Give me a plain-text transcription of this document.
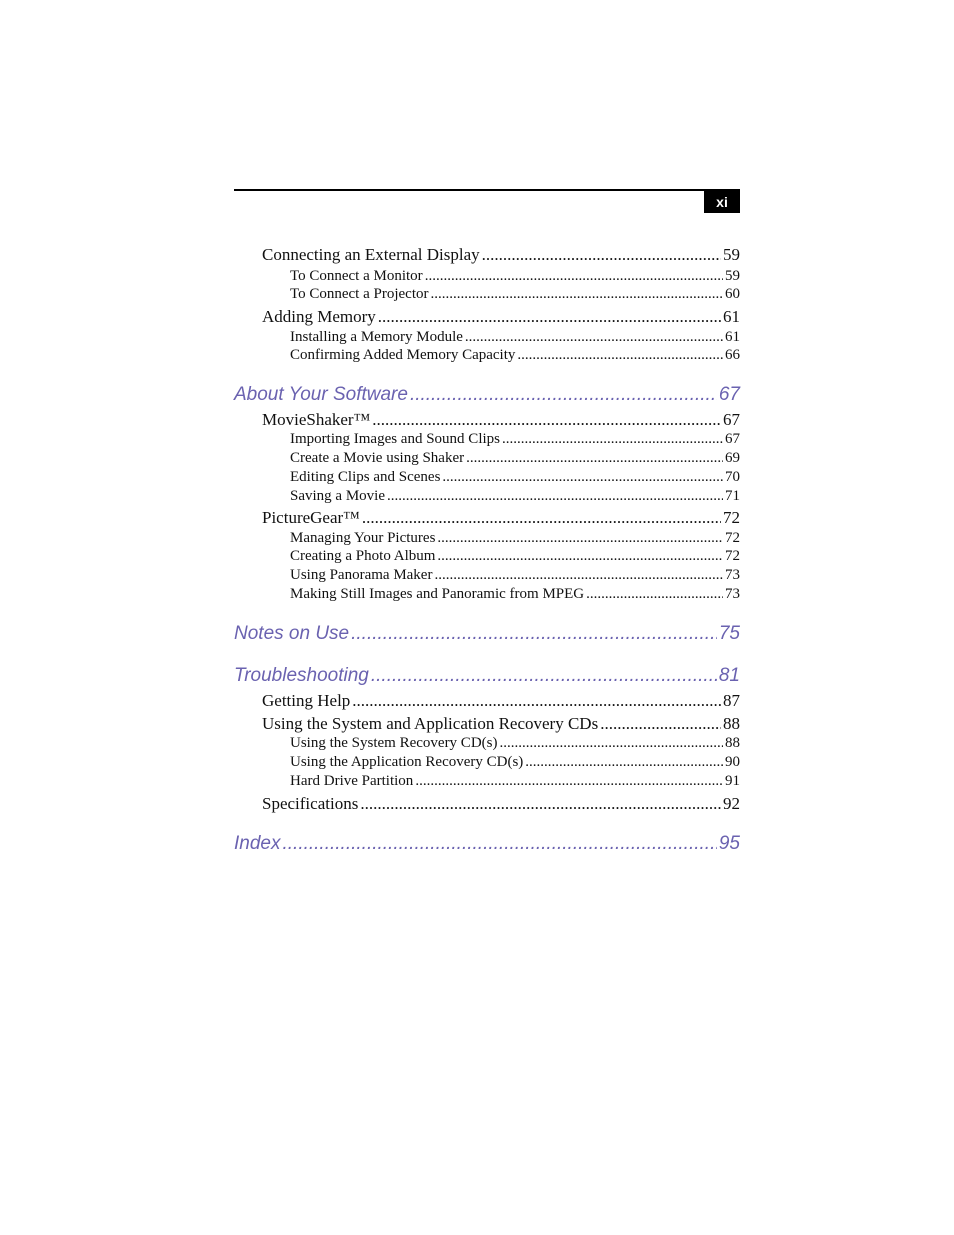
xi
Connecting an External Display .....	59
To Connect a Monitor .....	59
To Connect a Projector .....	60
Adding Memory .....	61
Installing a Memory Module .....	61
Confirming Added Memory Capacity .....	66
About Your Software .....	67
MovieShaker™ .....	67
Importing Images and Sound Clips .....	67
Create a Movie using Shaker .....	69
Editing Clips and Scenes .....	70
Saving a Movie .....	71
PictureGear™ .....	72
Managing Your Pictures .....	72
Creating a Photo Album .....	72
Using Panorama Maker .....	73
Making Still Images and Panoramic from MPEG .....	73
Notes on Use .....	75
Troubleshooting .....	81
Getting Help .....	87
Using the System and Application Recovery CDs .....	88
Using the System Recovery CD(s) .....	88
Using the Application Recovery CD(s) .....	90
Hard Drive Partition .....	91
Specifications .....	92
Index .....	95
